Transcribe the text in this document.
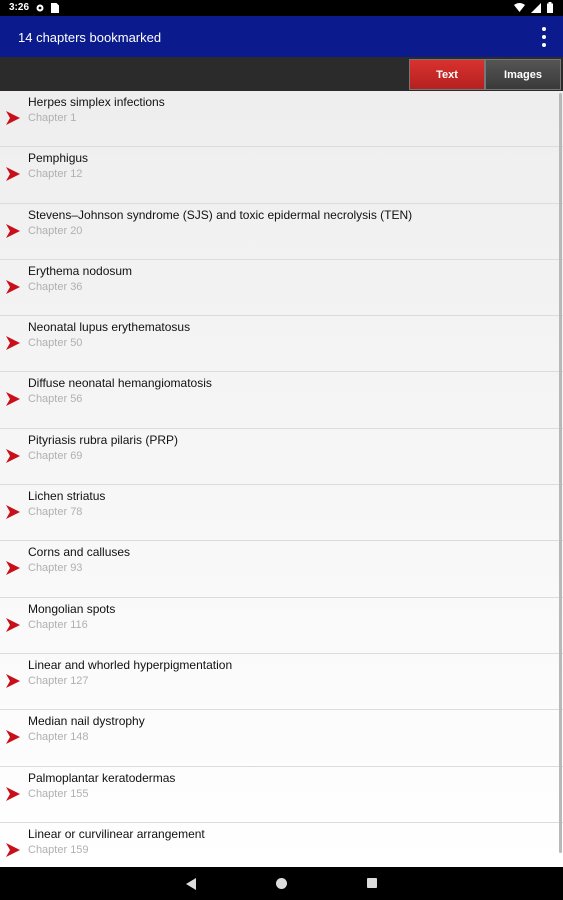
3:26
14 chapters bookmarked
Text	Images
Herpes simplex infections
Chapter 1
Pemphigus
Chapter 12
Stevens–Johnson syndrome (SJS) and toxic epidermal necrolysis (TEN)
Chapter 20
Erythema nodosum
Chapter 36
Neonatal lupus erythematosus
Chapter 50
Diffuse neonatal hemangiomatosis
Chapter 56
Pityriasis rubra pilaris (PRP)
Chapter 69
Lichen striatus
Chapter 78
Corns and calluses
Chapter 93
Mongolian spots
Chapter 116
Linear and whorled hyperpigmentation
Chapter 127
Median nail dystrophy
Chapter 148
Palmoplantar keratodermas
Chapter 155
Linear or curvilinear arrangement
Chapter 159
